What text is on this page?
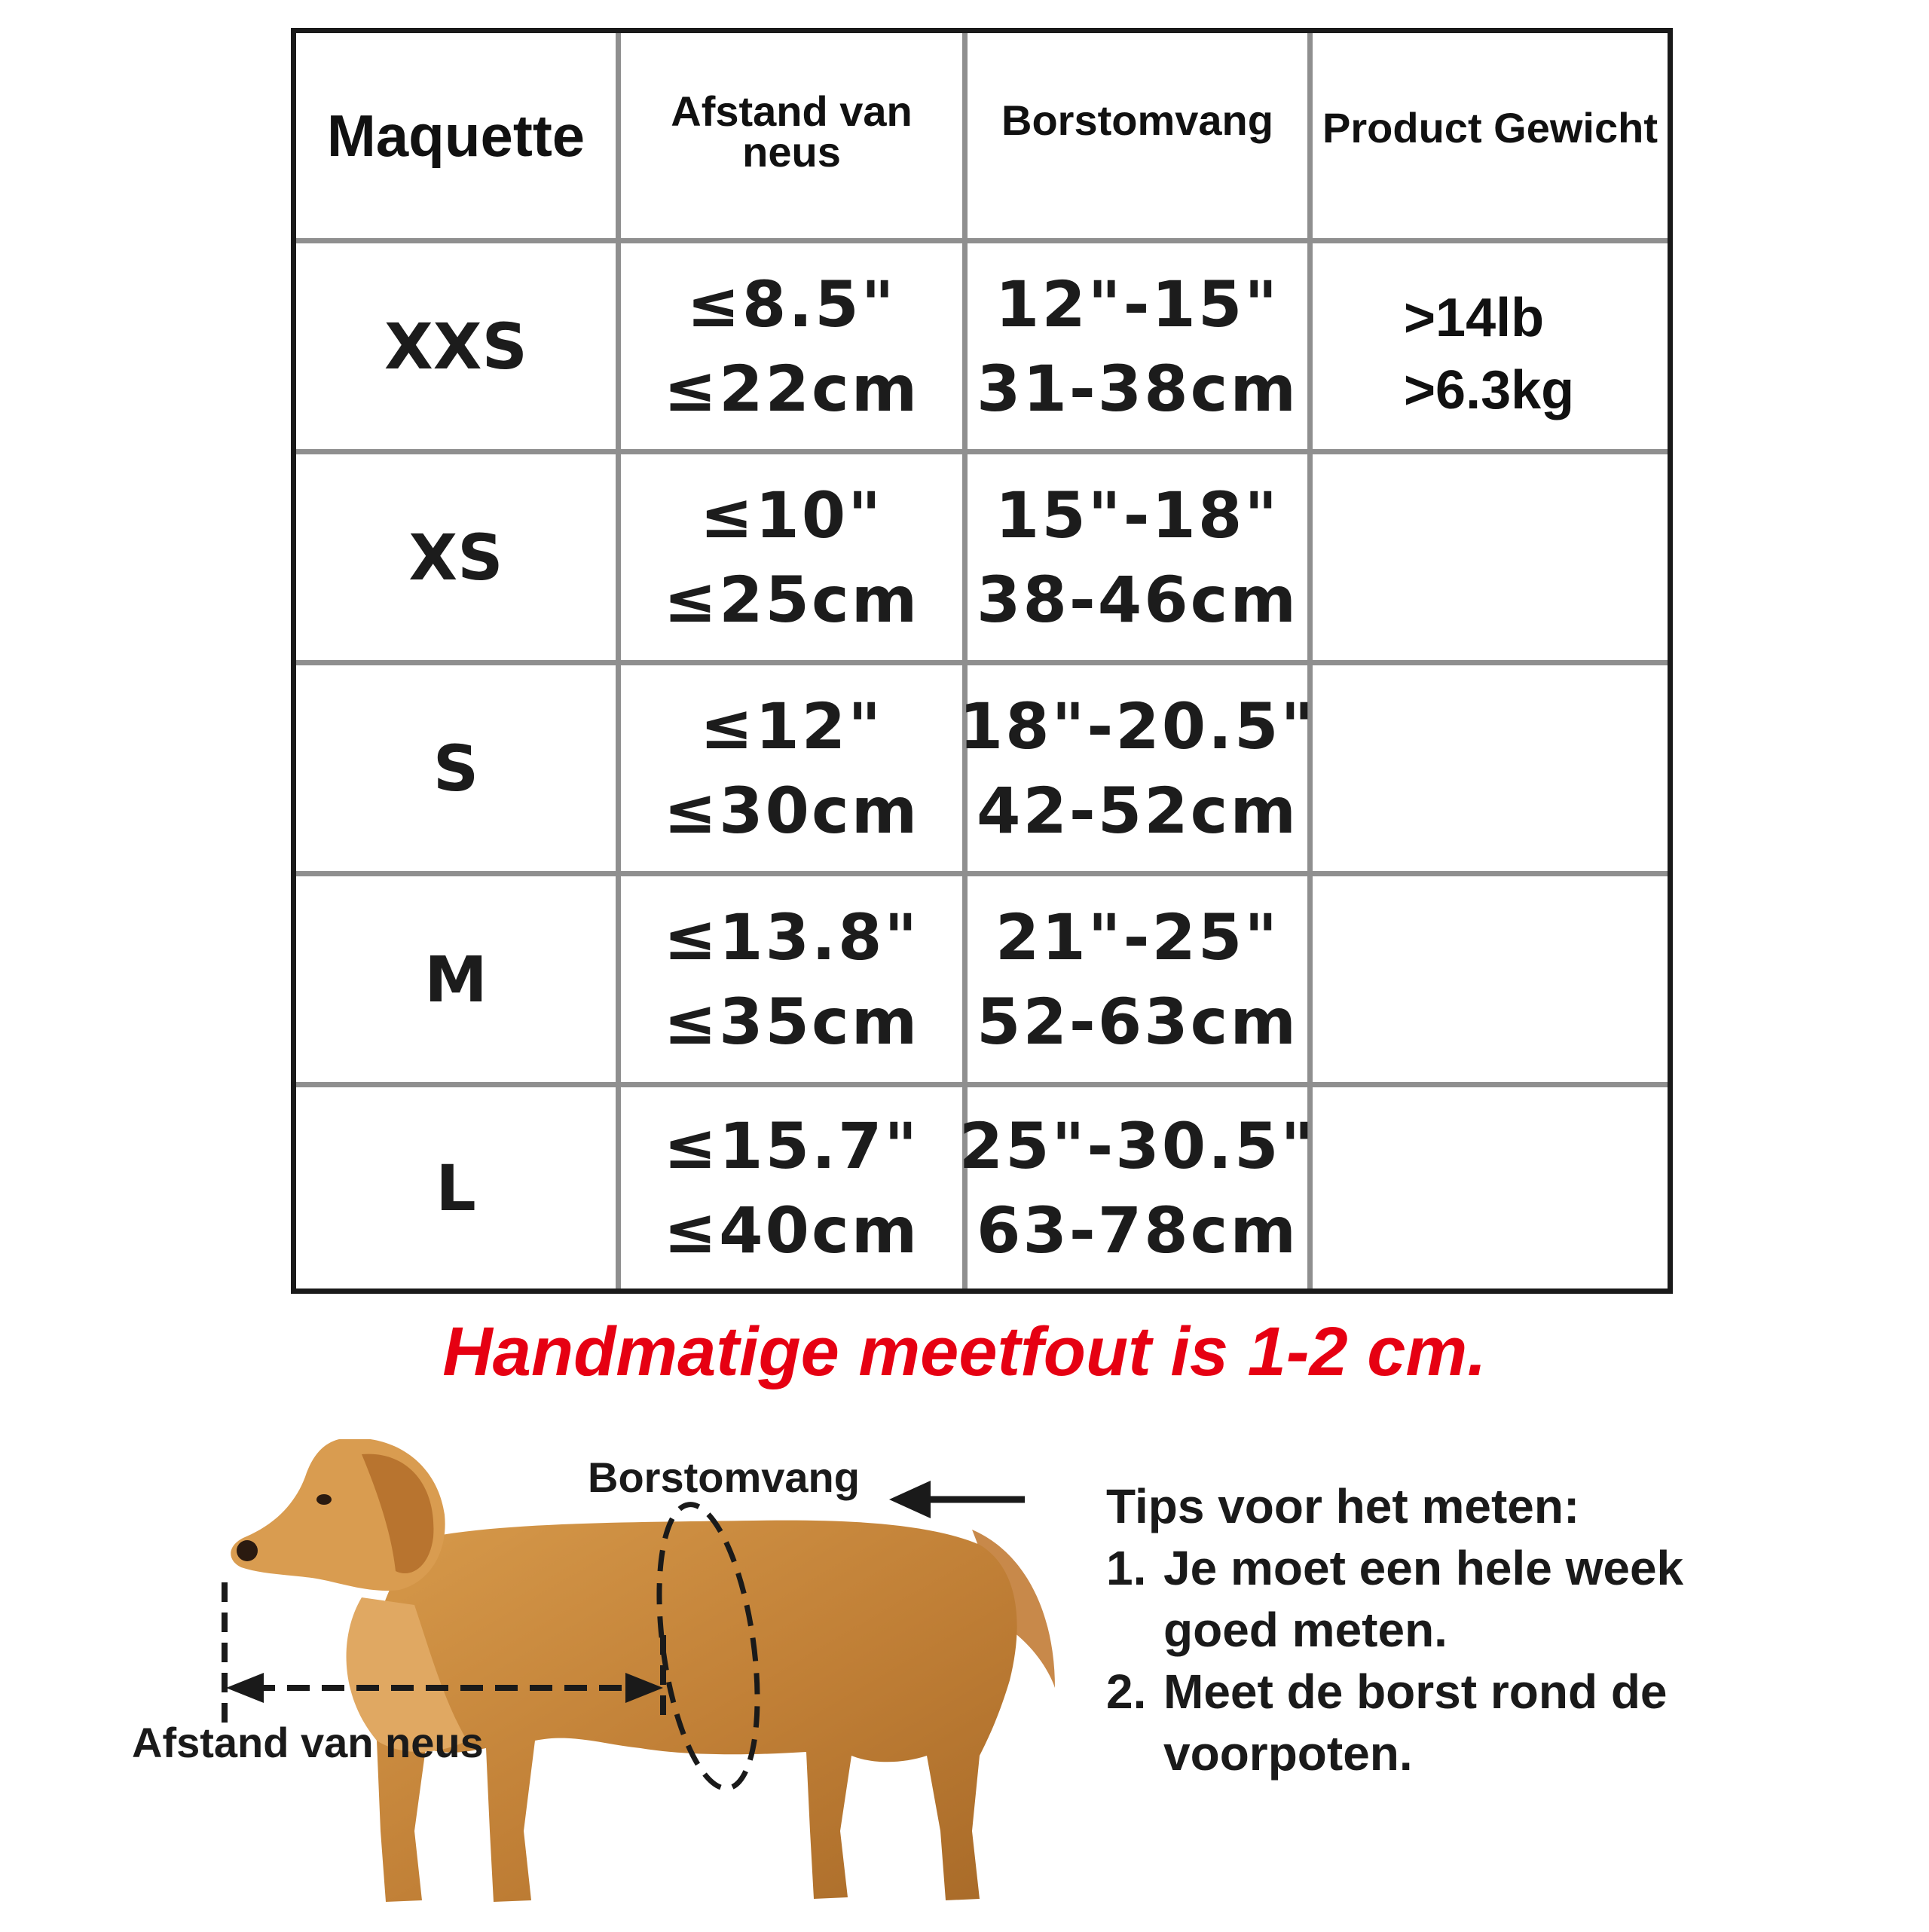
Maquette	Afstand van
neus
Borstomvang	Product Gewicht
XXS
≤8.5"
≤22cm
12"-15"
31-38cm
>14lb
>6.3kg
XS
≤10"
≤25cm
15"-18"
38-46cm
S
≤12"
≤30cm
18"-20.5"
42-52cm
M
≤13.8"
≤35cm
21"-25"
52-63cm
L
≤15.7"
≤40cm
25"-30.5"
63-78cm
Handmatige meetfout is 1-2 cm.
Borstomvang
Afstand van neus
Tips voor het meten:
1. Je moet een hele week
goed meten.
2. Meet de borst rond de
voorpoten.
